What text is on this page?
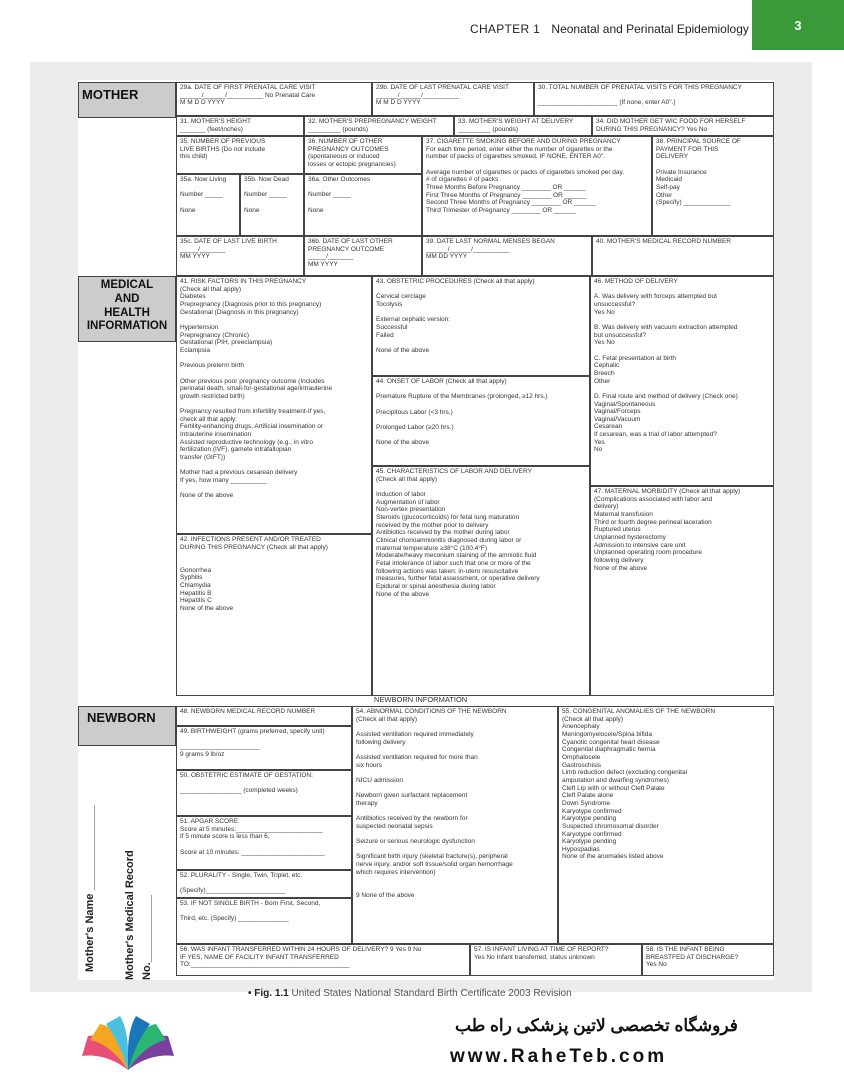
CHAPTER 1 Neonatal and Perinatal Epidemiology	3
MOTHER
MEDICAL
AND
HEALTH
INFORMATION
NEWBORN INFORMATION
NEWBORN
29a. DATE OF FIRST PRENATAL CARE VISIT
______/______/__________ No Prenatal Care
M M D D YYYY
29b. DATE OF LAST PRENATAL CARE VISIT
______/______/__________
M M D D YYYY
30. TOTAL NUMBER OF PRENATAL VISITS FOR THIS PREGNANCY

______________________ (If none, enter A0".)
31. MOTHER'S HEIGHT
_______ (feet/inches)
32. MOTHER'S PREPREGNANCY WEIGHT
_________ (pounds)
33. MOTHER'S WEIGHT AT DELIVERY
_________ (pounds)
34. DID MOTHER GET WIC FOOD FOR HERSELF
DURING THIS PREGNANCY? Yes No
35. NUMBER OF PREVIOUS
LIVE BIRTHS (Do not include
this child)
36. NUMBER OF OTHER
PREGNANCY OUTCOMES
(spontaneous or induced
losses or ectopic pregnancies)
35a. Now Living

Number _____

None
35b. Now Dead

Number _____

None
36a. Other Outcomes

Number _____

None
37. CIGARETTE SMOKING BEFORE AND DURING PREGNANCY
For each time period, enter either the number of cigarettes or the
number of packs of cigarettes smoked. IF NONE, ENTER A0".

Average number of cigarettes or packs of cigarettes smoked per day.
# of cigarettes # of packs
Three Months Before Pregnancy ________ OR ______
First Three Months of Pregnancy ________ OR ______
Second Three Months of Pregnancy ________ OR ______
Third Trimester of Pregnancy ________ OR ______
38. PRINCIPAL SOURCE OF
PAYMENT FOR THIS
DELIVERY

Private Insurance
Medicaid
Self-pay
Other
(Specify) _____________
35c. DATE OF LAST LIVE BIRTH
_____/_______
MM YYYY
36b. DATE OF LAST OTHER
PREGNANCY OUTCOME
_____/_______
MM YYYY
39. DATE LAST NORMAL MENSES BEGAN
______/______/__________
MM DD YYYY
40. MOTHER'S MEDICAL RECORD NUMBER
41. RISK FACTORS IN THIS PREGNANCY
(Check all that apply)
Diabetes
Prepregnancy (Diagnosis prior to this pregnancy)
Gestational (Diagnosis in this pregnancy)

Hypertension
Prepregnancy (Chronic)
Gestational (PIH, preeclampsia)
Eclampsia

Previous preterm birth

Other previous poor pregnancy outcome (Includes
perinatal death, small-for-gestational age/intrauterine
growth restricted birth)

Pregnancy resulted from infertility treatment-If yes,
check all that apply:
Fertility-enhancing drugs, Artificial insemination or
Intrauterine insemination
Assisted reproductive technology (e.g., in vitro
fertilization (IVF), gamete intrafallopian
transfer (GIFT))

Mother had a previous cesarean delivery
If yes, how many __________

None of the above
42. INFECTIONS PRESENT AND/OR TREATED
DURING THIS PREGNANCY (Check all that apply)

Gonorrhea
Syphilis
Chlamydia
Hepatitis B
Hepatitis C
None of the above
43. OBSTETRIC PROCEDURES (Check all that apply)

Cervical cerclage
Tocolysis

External cephalic version:
Successful
Failed

None of the above
44. ONSET OF LABOR (Check all that apply)

Premature Rupture of the Membranes (prolonged, ≥12 hrs.)

Precipitous Labor (<3 hrs.)

Prolonged Labor (≥20 hrs.)

None of the above
45. CHARACTERISTICS OF LABOR AND DELIVERY
(Check all that apply)

Induction of labor
Augmentation of labor
Non-vertex presentation
Steroids (glucocorticoids) for fetal lung maturation
received by the mother prior to delivery
Antibiotics received by the mother during labor
Clinical chorioamnionitis diagnosed during labor or
maternal temperature ≥38°C (100.4°F)
Moderate/heavy meconium staining of the amniotic fluid
Fetal intolerance of labor such that one or more of the
following actions was taken: in-utero resuscitative
measures, further fetal assessment, or operative delivery
Epidural or spinal anesthesia during labor
None of the above
46. METHOD OF DELIVERY

A. Was delivery with forceps attempted but
unsuccessful?
Yes No

B. Was delivery with vacuum extraction attempted
but unsuccessful?
Yes No

C. Fetal presentation at birth
Cephalic
Breech
Other

D. Final route and method of delivery (Check one)
Vaginal/Spontaneous
Vaginal/Forceps
Vaginal/Vacuum
Cesarean
If cesarean, was a trial of labor attempted?
Yes
No
47. MATERNAL MORBIDITY (Check all that apply)
(Complications associated with labor and
delivery)
Maternal transfusion
Third or fourth degree perineal laceration
Ruptured uterus
Unplanned hysterectomy
Admission to intensive care unit
Unplanned operating room procedure
following delivery
None of the above
48. NEWBORN MEDICAL RECORD NUMBER
49. BIRTHWEIGHT (grams preferred, specify unit)

______________________
9 grams 9 lb/oz
50. OBSTETRIC ESTIMATE OF GESTATION:

_________________ (completed weeks)
51. APGAR SCORE:
Score at 5 minutes:________________________
If 5 minute score is less than 6,

Score at 10 minutes: _______________________
52. PLURALITY - Single, Twin, Triplet, etc.

(Specify)______________________
53. IF NOT SINGLE BIRTH - Born First, Second,

Third, etc. (Specify) ______________
54. ABNORMAL CONDITIONS OF THE NEWBORN
(Check all that apply)

Assisted ventilation required immediately
following delivery

Assisted ventilation required for more than
six hours

NICU admission

Newborn given surfactant replacement
therapy

Antibiotics received by the newborn for
suspected neonatal sepsis

Seizure or serious neurologic dysfunction

Significant birth injury (skeletal fracture(s), peripheral
nerve injury, and/or soft tissue/solid organ hemorrhage
which requires intervention)

9 None of the above
55. CONGENITAL ANOMALIES OF THE NEWBORN
(Check all that apply)
Anencephaly
Meningomyelocele/Spina bifida
Cyanotic congenital heart disease
Congenital diaphragmatic hernia
Omphalocele
Gastroschisis
Limb reduction defect (excluding congenital
amputation and dwarfing syndromes)
Cleft Lip with or without Cleft Palate
Cleft Palate alone
Down Syndrome
Karyotype confirmed
Karyotype pending
Suspected chromosomal disorder
Karyotype confirmed
Karyotype pending
Hypospadias
None of the anomalies listed above
56. WAS INFANT TRANSFERRED WITHIN 24 HOURS OF DELIVERY? 9 Yes 9 No
IF YES, NAME OF FACILITY INFANT TRANSFERRED
TO:____________________________________________
57. IS INFANT LIVING AT TIME OF REPORT?
Yes No Infant transferred, status unknown
58. IS THE INFANT BEING
BREASTFED AT DISCHARGE?
Yes No
Mother's Name ______________	Mother's Medical Record
No.___________
• Fig. 1.1 United States National Standard Birth Certificate 2003 Revision
فروشگاه تخصصی لاتین پزشکی راه طب
www.RaheTeb.com
